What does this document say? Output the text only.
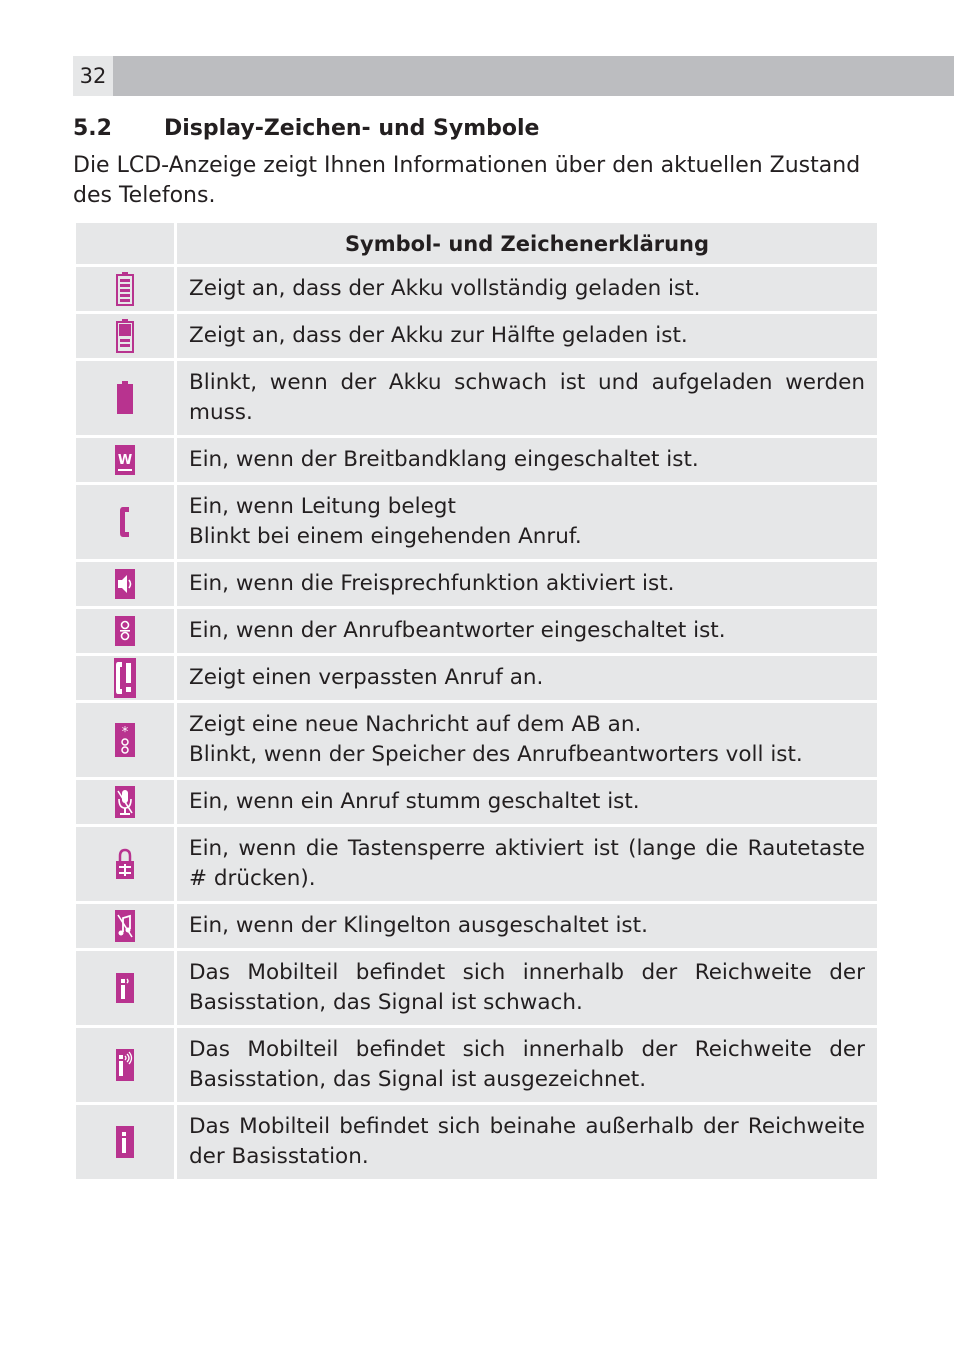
32
5.2 Display-Zeichen- und Symbole

Die LCD-Anzeige zeigt Ihnen Informationen über den aktuellen Zustand des Telefons.

	Symbol- und Zeichenerklärung

Zeigt an, dass der Akku vollständig geladen ist.

Zeigt an, dass der Akku zur Hälfte geladen ist.

Blinkt, wenn der Akku schwach ist und aufgeladen werden muss.

W	Ein, wenn der Breitbandklang eingeschaltet ist.

Ein, wenn Leitung belegt
Blinkt bei einem eingehenden Anruf.

Ein, wenn die Freisprechfunktion aktiviert ist.

Ein, wenn der Anrufbeantworter eingeschaltet ist.

Zeigt einen verpassten Anruf an.

*	Zeigt eine neue Nachricht auf dem AB an.
Blinkt, wenn der Speicher des Anrufbeantworters voll ist.

Ein, wenn ein Anruf stumm geschaltet ist.

Ein, wenn die Tastensperre aktiviert ist (lange die Rautetaste # drücken).

Ein, wenn der Klingelton ausgeschaltet ist.

Das Mobilteil befindet sich innerhalb der Reichweite der Basisstation, das Signal ist schwach.

Das Mobilteil befindet sich innerhalb der Reichweite der Basisstation, das Signal ist ausgezeichnet.

Das Mobilteil befindet sich beinahe außerhalb der Reichweite der Basisstation.
